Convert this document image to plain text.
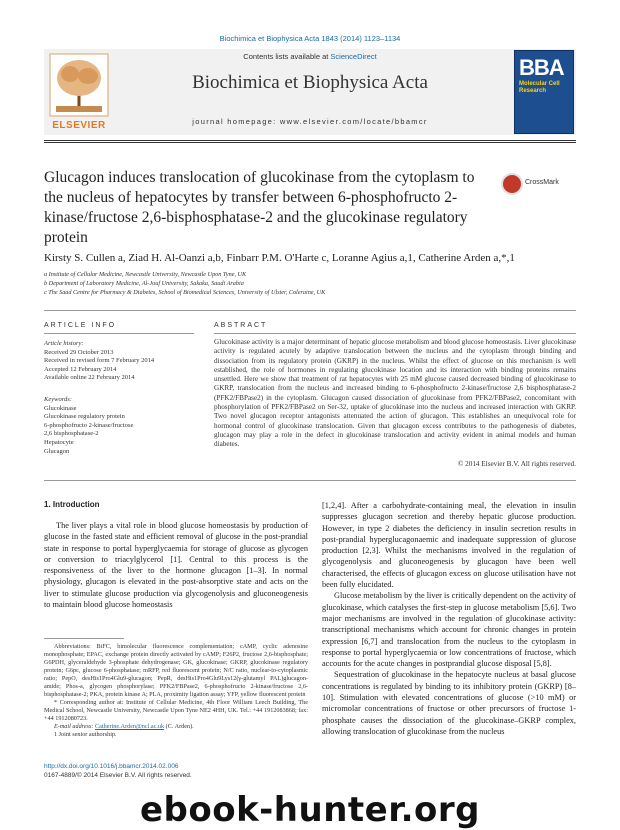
Biochimica et Biophysica Acta 1843 (2014) 1123–1134
ELSEVIER
Contents lists available at ScienceDirect
Biochimica et Biophysica Acta
journal homepage: www.elsevier.com/locate/bbamcr
BBA
Molecular Cell Research
Glucagon induces translocation of glucokinase from the cytoplasm to the nucleus of hepatocytes by transfer between 6-phosphofructo 2-kinase/fructose 2,6-bisphosphatase-2 and the glucokinase regulatory protein
CrossMark
Kirsty S. Cullen a, Ziad H. Al-Oanzi a,b, Finbarr P.M. O'Harte c, Loranne Agius a,1, Catherine Arden a,*,1
a Institute of Cellular Medicine, Newcastle University, Newcastle Upon Tyne, UK
b Department of Laboratory Medicine, Al-Jouf University, Sakaka, Saudi Arabia
c The Saad Centre for Pharmacy & Diabetes, School of Biomedical Sciences, University of Ulster, Coleraine, UK
ARTICLE INFO	ABSTRACT
Article history:
Received 29 October 2013
Received in revised form 7 February 2014
Accepted 12 February 2014
Available online 22 February 2014
Keywords:
Glucokinase
Glucokinase regulatory protein
6-phosphofructo 2-kinase/fructose
2,6 bisphosphatase-2
Hepatocyte
Glucagon
Glucokinase activity is a major determinant of hepatic glucose metabolism and blood glucose homeostasis. Liver glucokinase activity is regulated acutely by adaptive translocation between the nucleus and the cytoplasm through binding and dissociation from its regulatory protein (GKRP) in the nucleus. Whilst the effect of glucose on this mechanism is well established, the role of hormones in regulating glucokinase location and its interaction with binding proteins remains unsettled. Here we show that treatment of rat hepatocytes with 25 mM glucose caused decreased binding of glucokinase to GKRP, translocation from the nucleus and increased binding to 6-phosphofructo 2-kinase/fructose 2,6 bisphosphatase-2 (PFK2/FBPase2) in the cytoplasm. Glucagon caused dissociation of glucokinase from PFK2/FBPase2, concomitant with phosphorylation of PFK2/FBPase2 on Ser-32, uptake of glucokinase into the nucleus and increased interaction with GKRP. Two novel glucagon receptor antagonists attenuated the action of glucagon. This establishes an unequivocal role for hormonal control of glucokinase translocation. Given that glucagon excess contributes to the pathogenesis of diabetes, glucagon may play a role in the defect in glucokinase translocation and activity evident in animal models and human diabetes.
© 2014 Elsevier B.V. All rights reserved.
1. Introduction
The liver plays a vital role in blood glucose homeostasis by production of glucose in the fasted state and efficient removal of glucose in the post-prandial state in response to portal hyperglycaemia for storage of glucose as glycogen or conversion to triacylglycerol [1]. Central to this process is the responsiveness of the liver to the hormone glucagon [1–3]. In normal physiology, glucagon is elevated in the post-absorptive state and acts on the liver to stimulate glucose production via glycogenolysis and gluconeogenesis to maintain blood glucose homeostasis
Abbreviations: BiFC, bimolecular fluorescence complementation; cAMP, cyclic adenosine monophosphate; EPAC, exchange protein directly activated by cAMP; F26P2, fructose 2,6-bisphosphate; G6PDH, glyceraldehyde 3-phosphate dehydrogenase; GK, glucokinase; GKRP, glucokinase regulatory protein; G6pc, glucose 6-phosphatase; mRFP, red fluorescent protein; N/C ratio, nuclear-to-cytoplasmic ratio; PepO, desHis1Pro4Glu9-glucagon; PepR, desHis1Pro4Glu9Lys12(γ-glutamyl PAL)glucagon-amide; Phos-a, glycogen phosphorylase; PFK2/FBPase2, 6-phosphofructo 2-kinase/fructose 2,6-bisphosphatase-2; PKA, protein kinase A; PLA, proximity ligation assay; YFP, yellow fluorescent protein
* Corresponding author at: Institute of Cellular Medicine, 4th Floor William Leech Building, The Medical School, Newcastle University, Newcastle Upon Tyne NE2 4HH, UK. Tel.: +44 1912083868; fax: +44 1912080723.
E-mail address: Catherine.Arden@ncl.ac.uk (C. Arden).
1 Joint senior authorship.
[1,2,4]. After a carbohydrate-containing meal, the elevation in insulin suppresses glucagon secretion and thereby hepatic glucose production. However, in type 2 diabetes the deficiency in insulin secretion results in post-prandial hyperglucagonaemic and inadequate suppression of glucose production [2,3]. Whilst the mechanisms involved in the regulation of glycogenolysis and gluconeogenesis by glucagon have been well characterised, the effects of glucagon excess on glucose utilisation have not been fully elucidated.
Glucose metabolism by the liver is critically dependent on the activity of glucokinase, which catalyses the first-step in glucose metabolism [5,6]. Two major mechanisms are involved in the regulation of glucokinase activity: transcriptional mechanisms which account for chronic changes in protein expression [6,7] and translocation from the nucleus to the cytoplasm in response to portal hyperglycaemia or low concentrations of fructose, which accounts for the acute changes in postprandial glucose disposal [5,8].
Sequestration of glucokinase in the hepatocyte nucleus at basal glucose concentrations is regulated by binding to its inhibitory protein (GKRP) [8–10]. Stimulation with elevated concentrations of glucose (>10 mM) or micromolar concentrations of fructose or other precursors of fructose 1-phosphate causes the dissociation of the glucokinase–GKRP complex, allowing translocation of glucokinase from the nucleus
http://dx.doi.org/10.1016/j.bbamcr.2014.02.006
0167-4889/© 2014 Elsevier B.V. All rights reserved.
ebook-hunter.org
